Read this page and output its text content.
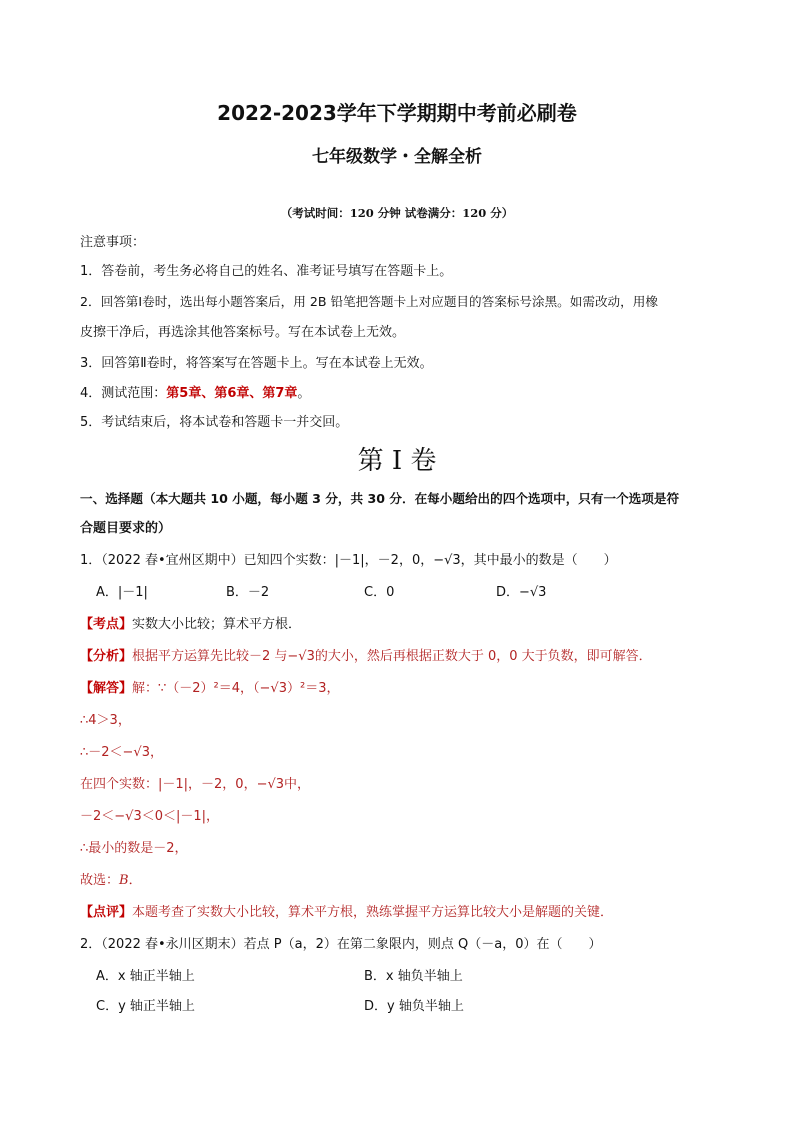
2022-2023学年下学期期中考前必刷卷
七年级数学・全解全析
（考试时间：120 分钟 试卷满分：120 分）
注意事项：
1．答卷前，考生务必将自己的姓名、准考证号填写在答题卡上。
2．回答第Ⅰ卷时，选出每小题答案后，用 2B 铅笔把答题卡上对应题目的答案标号涂黑。如需改动，用橡
皮擦干净后，再选涂其他答案标号。写在本试卷上无效。
3．回答第Ⅱ卷时，将答案写在答题卡上。写在本试卷上无效。
4．测试范围：第5章、第6章、第7章。
5．考试结束后，将本试卷和答题卡一并交回。
第 I 卷
一、选择题（本大题共 10 小题，每小题 3 分，共 30 分．在每小题给出的四个选项中，只有一个选项是符
合题目要求的）
1．（2022 春•宜州区期中）已知四个实数：|－1|，－2，0，−√3，其中最小的数是（　　）
A．|－1|	B．－2	C．0	D．−√3
【考点】实数大小比较；算术平方根．
【分析】根据平方运算先比较－2 与−√3的大小，然后再根据正数大于 0，0 大于负数，即可解答．
【解答】解：∵（－2）²＝4，（−√3）²＝3，
∴4＞3，
∴－2＜−√3，
在四个实数：|－1|，－2，0，−√3中，
－2＜−√3＜0＜|－1|，
∴最小的数是－2，
故选：B．
【点评】本题考查了实数大小比较，算术平方根，熟练掌握平方运算比较大小是解题的关键．
2．（2022 春•永川区期末）若点 P（a，2）在第二象限内，则点 Q（－a，0）在（　　）
A．x 轴正半轴上	B．x 轴负半轴上
C．y 轴正半轴上	D．y 轴负半轴上
